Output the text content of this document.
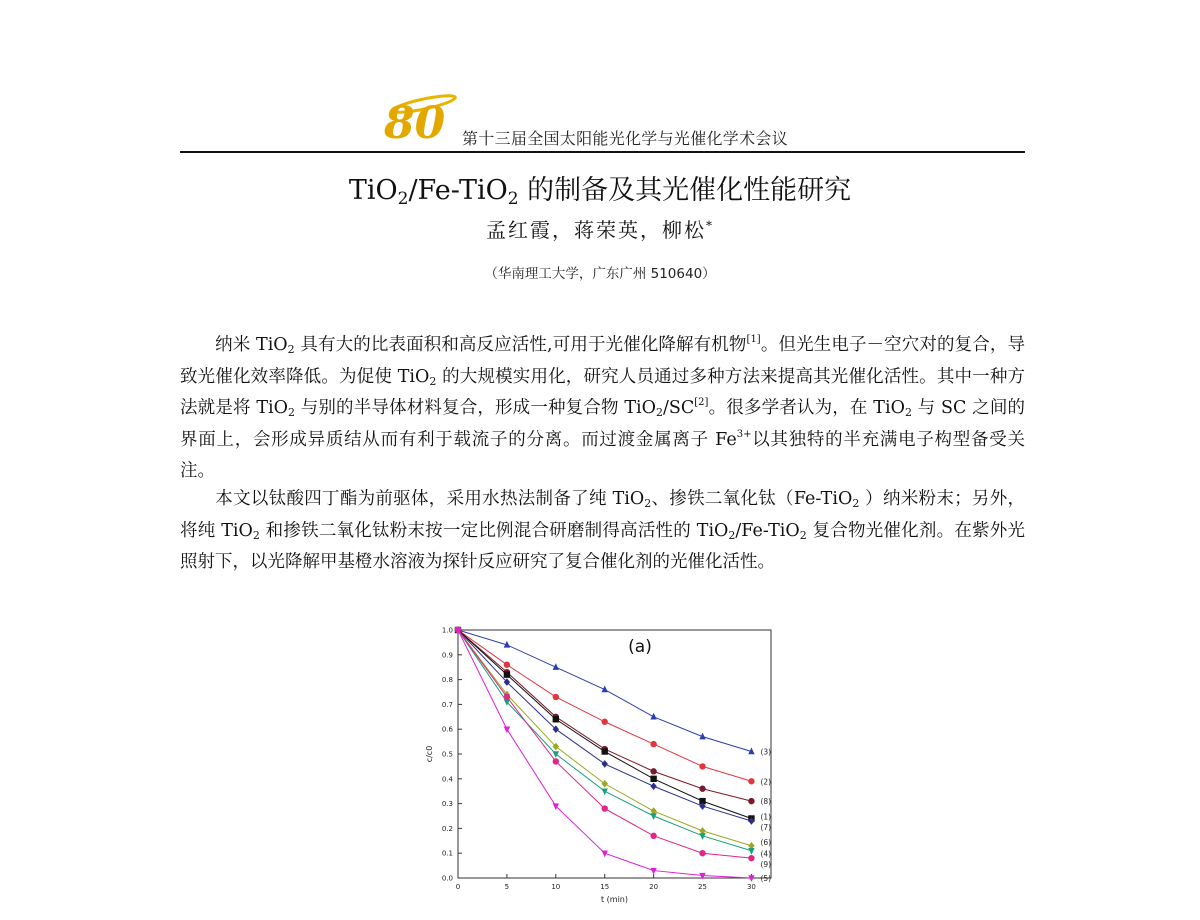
80 第十三届全国太阳能光化学与光催化学术会议
TiO$_2$/Fe-TiO$_2$ 的制备及其光催化性能研究
孟红霞，蒋荣英，柳松*
（华南理工大学，广东广州 510640）
纳米 TiO$_2$ 具有大的比表面积和高反应活性,可用于光催化降解有机物[1]。但光生电子－空穴对的复合，导致光催化效率降低。为促使 TiO$_2$ 的大规模实用化，研究人员通过多种方法来提高其光催化活性。其中一种方法就是将 TiO$_2$ 与别的半导体材料复合，形成一种复合物 TiO$_2$/SC[2]。很多学者认为，在 TiO$_2$ 与 SC 之间的界面上，会形成异质结从而有利于载流子的分离。而过渡金属离子 $Fe^{3+}$以其独特的半充满电子构型备受关注。
本文以钛酸四丁酯为前驱体，采用水热法制备了纯 TiO$_2$、掺铁二氧化钛（Fe-TiO$_2$ ）纳米粉末；另外，将纯 TiO$_2$ 和掺铁二氧化钛粉末按一定比例混合研磨制得高活性的 TiO$_2$/Fe-TiO$_2$ 复合物光催化剂。在紫外光照射下，以光降解甲基橙水溶液为探针反应研究了复合催化剂的光催化活性。
0	5	10	15	20	25	30
0.0
0.1
0.2
0.3
0.4
0.5
0.6
0.7
0.8
0.9
1.0
(3)
(2)
(8)
(1)
(7)
(6)
(4)
(9)
(5)
(a)
t (min)
c/c0
